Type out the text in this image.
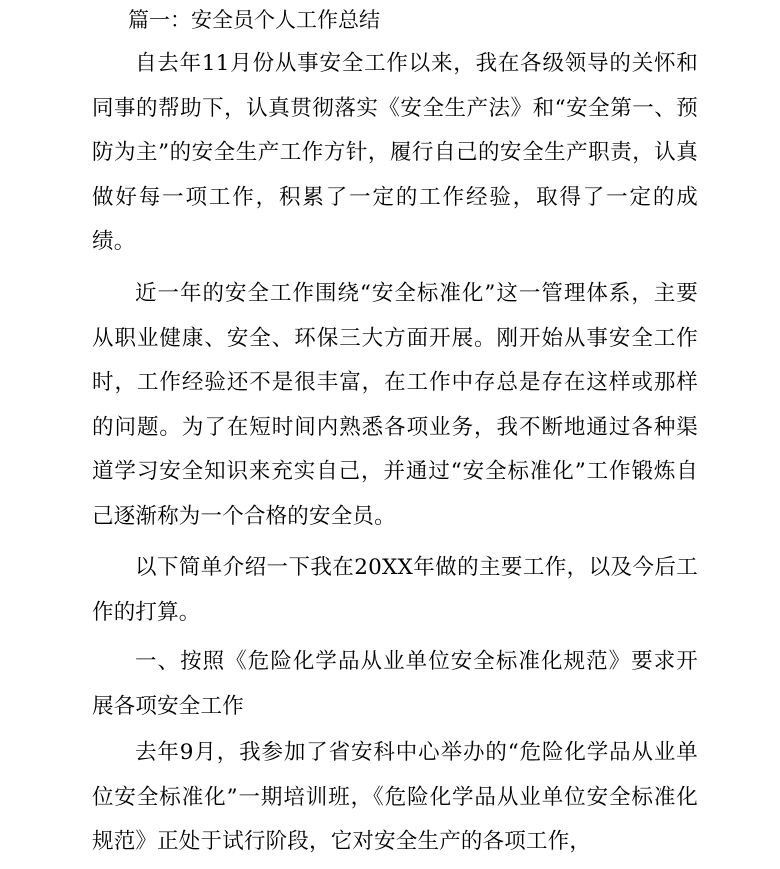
篇一：安全员个人工作总结

自去年11月份从事安全工作以来，我在各级领导的关怀和同事的帮助下，认真贯彻落实《安全生产法》和“安全第一、预防为主”的安全生产工作方针，履行自己的安全生产职责，认真做好每一项工作，积累了一定的工作经验，取得了一定的成绩。

近一年的安全工作围绕“安全标准化”这一管理体系，主要从职业健康、安全、环保三大方面开展。刚开始从事安全工作时，工作经验还不是很丰富，在工作中存总是存在这样或那样的问题。为了在短时间内熟悉各项业务，我不断地通过各种渠道学习安全知识来充实自己，并通过“安全标准化”工作锻炼自己逐渐称为一个合格的安全员。

以下简单介绍一下我在20XX年做的主要工作，以及今后工作的打算。

一、按照《危险化学品从业单位安全标准化规范》要求开展各项安全工作

去年9月，我参加了省安科中心举办的“危险化学品从业单位安全标准化”一期培训班，《危险化学品从业单位安全标准化规范》正处于试行阶段，它对安全生产的各项工作，
